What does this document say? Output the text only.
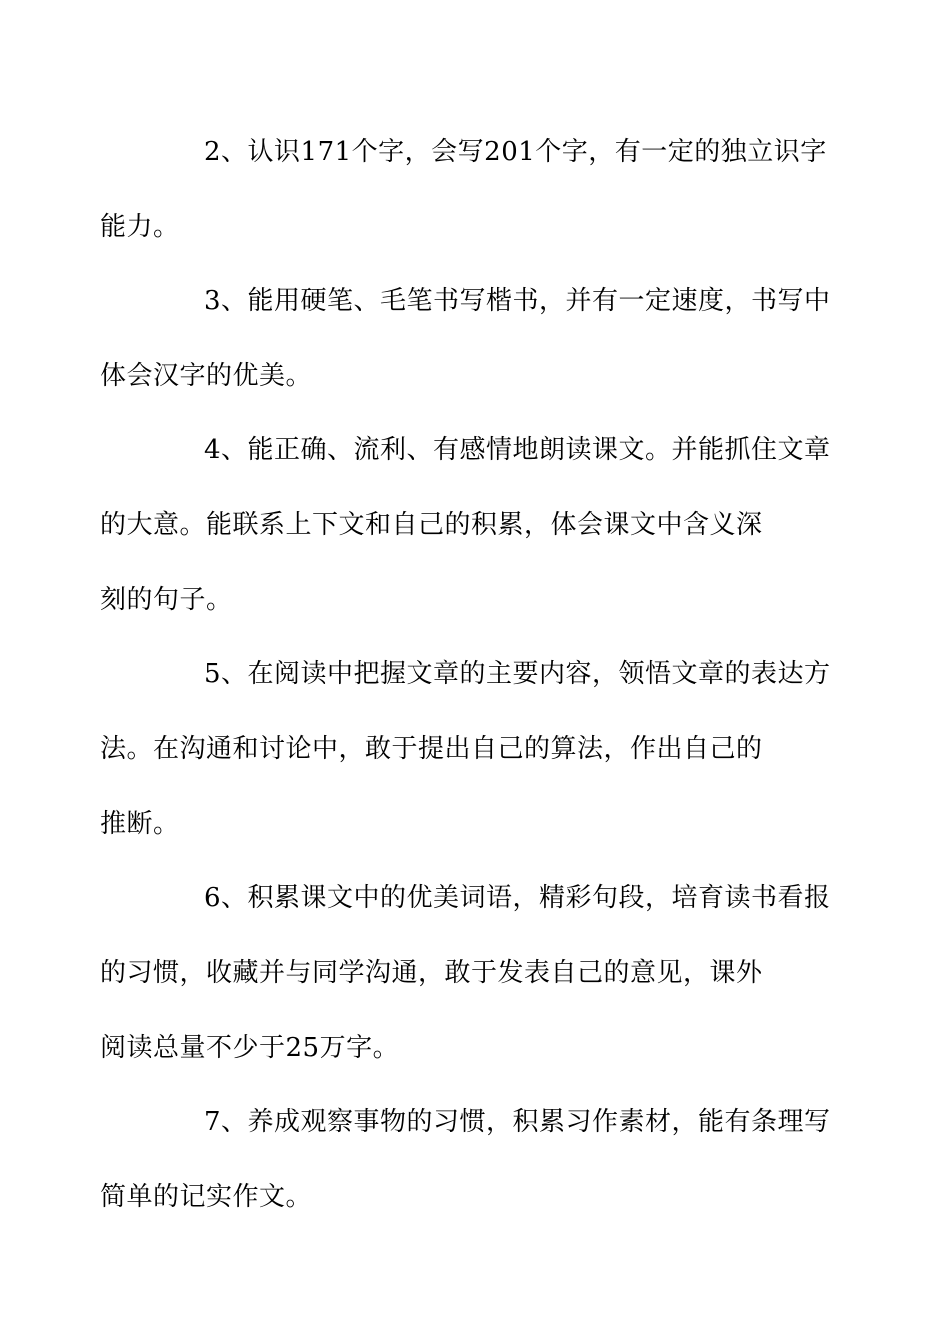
2、认识171个字，会写201个字，有一定的独立识字
能力。

3、能用硬笔、毛笔书写楷书，并有一定速度，书写中
体会汉字的优美。

4、能正确、流利、有感情地朗读课文。并能抓住文章
的大意。能联系上下文和自己的积累，体会课文中含义深
刻的句子。

5、在阅读中把握文章的主要内容，领悟文章的表达方
法。在沟通和讨论中，敢于提出自己的算法，作出自己的
推断。

6、积累课文中的优美词语，精彩句段，培育读书看报
的习惯，收藏并与同学沟通，敢于发表自己的意见，课外
阅读总量不少于25万字。

7、养成观察事物的习惯，积累习作素材，能有条理写
简单的记实作文。
